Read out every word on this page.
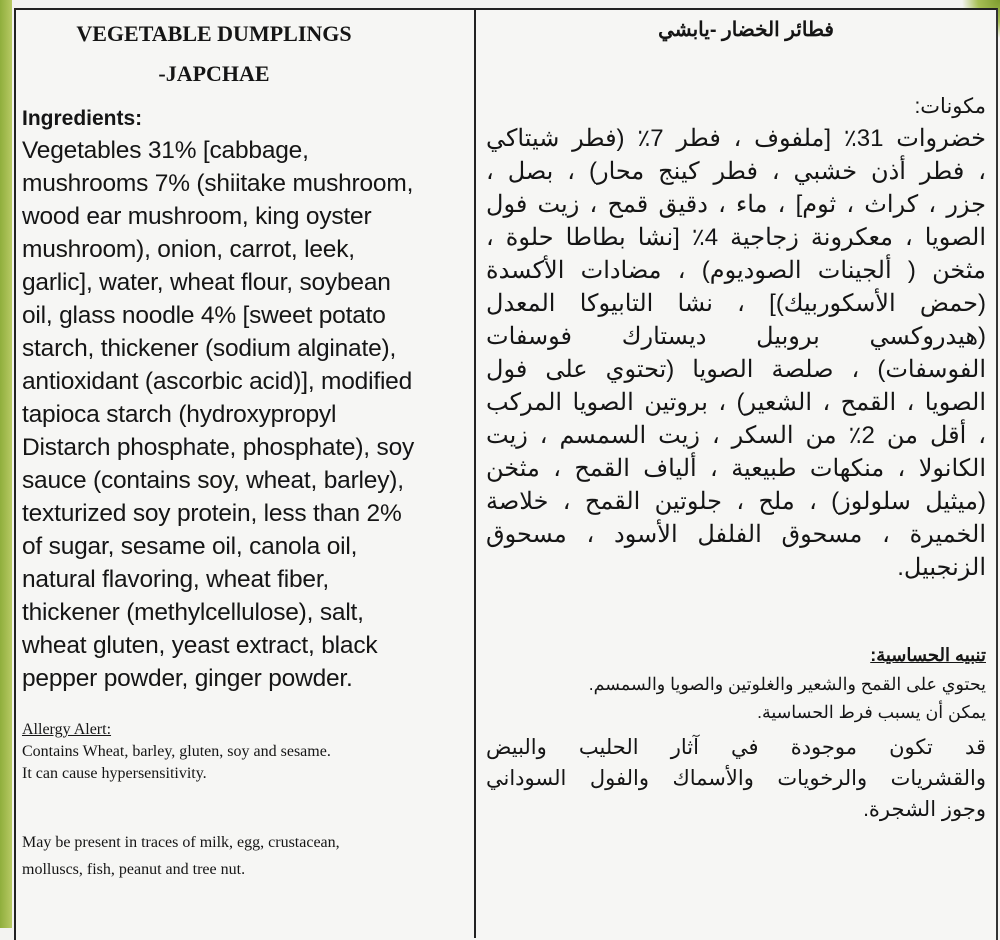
VEGETABLE DUMPLINGS
-JAPCHAE
Ingredients:
Vegetables 31% [cabbage,
mushrooms 7% (shiitake mushroom,
wood ear mushroom, king oyster
mushroom), onion, carrot, leek,
garlic], water, wheat flour, soybean
oil, glass noodle 4% [sweet potato
starch, thickener (sodium alginate),
antioxidant (ascorbic acid)], modified
tapioca starch (hydroxypropyl
Distarch phosphate, phosphate), soy
sauce (contains soy, wheat, barley),
texturized soy protein, less than 2%
of sugar, sesame oil, canola oil,
natural flavoring, wheat fiber,
thickener (methylcellulose), salt,
wheat gluten, yeast extract, black
pepper powder, ginger powder.
Allergy Alert:
Contains Wheat, barley, gluten, soy and sesame.
It can cause hypersensitivity.
May be present in traces of milk, egg, crustacean,
molluscs, fish, peanut and tree nut.
فطائر الخضار -يابشي
مكونات:
خضروات 31٪ [ملفوف ، فطر 7٪ (فطر شيتاكي
، فطر أذن خشبي ، فطر كينج محار) ، بصل ،
جزر ، كراث ، ثوم] ، ماء ، دقيق قمح ، زيت فول
الصويا ، معكرونة زجاجية 4٪ [نشا بطاطا حلوة ،
مثخن ( ألجينات الصوديوم) ، مضادات الأكسدة
(حمض الأسكوربيك)] ، نشا التابيوكا المعدل
(هيدروكسي بروبيل ديستارك فوسفات
الفوسفات) ، صلصة الصويا (تحتوي على فول
الصويا ، القمح ، الشعير) ، بروتين الصويا المركب
، أقل من 2٪ من السكر ، زيت السمسم ، زيت
الكانولا ، منكهات طبيعية ، ألياف القمح ، مثخن
(ميثيل سلولوز) ، ملح ، جلوتين القمح ، خلاصة
الخميرة ، مسحوق الفلفل الأسود ، مسحوق
الزنجبيل.
تنبيه الحساسية:
يحتوي على القمح والشعير والغلوتين والصويا والسمسم.
يمكن أن يسبب فرط الحساسية.
قد تكون موجودة في آثار الحليب والبيض
والقشريات والرخويات والأسماك والفول السوداني
وجوز الشجرة.
